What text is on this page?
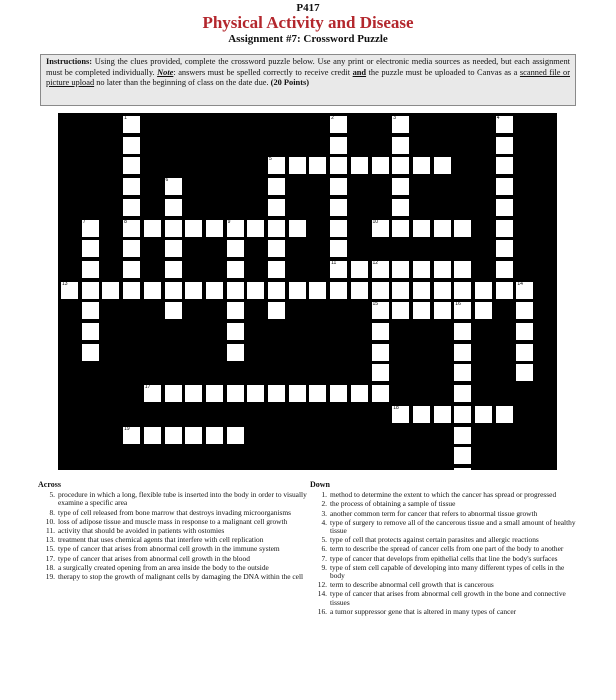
P417
Physical Activity and Disease
Assignment #7: Crossword Puzzle
Instructions: Using the clues provided, complete the crossword puzzle below. Use any print or electronic media sources as needed, but each assignment must be completed individually. Note: answers must be spelled correctly to receive credit and the puzzle must be uploaded to Canvas as a scanned file or picture upload no later than the beginning of class on the date due. (20 Points)
1
8
2
11
3	4
5
6
7	9
12
15
14
16
10
13
17
18
19
Across
5. procedure in which a long, flexible tube is inserted into the body in order to visually examine a specific area
8. type of cell released from bone marrow that destroys invading microorganisms
10. loss of adipose tissue and muscle mass in response to a malignant cell growth
11. activity that should be avoided in patients with ostomies
13. treatment that uses chemical agents that interfere with cell replication
15. type of cancer that arises from abnormal cell growth in the immune system
17. type of cancer that arises from abnormal cell growth in the blood
18. a surgically created opening from an area inside the body to the outside
19. therapy to stop the growth of malignant cells by damaging the DNA within the cell
Down
1. method to determine the extent to which the cancer has spread or progressed
2. the process of obtaining a sample of tissue
3. another common term for cancer that refers to abnormal tissue growth
4. type of surgery to remove all of the cancerous tissue and a small amount of healthy tissue
5. type of cell that protects against certain parasites and allergic reactions
6. term to describe the spread of cancer cells from one part of the body to another
7. type of cancer that develops from epithelial cells that line the body's surfaces
9. type of stem cell capable of developing into many different types of cells in the body
12. term to describe abnormal cell growth that is cancerous
14. type of cancer that arises from abnormal cell growth in the bone and connective tissues
16. a tumor suppressor gene that is altered in many types of cancer
